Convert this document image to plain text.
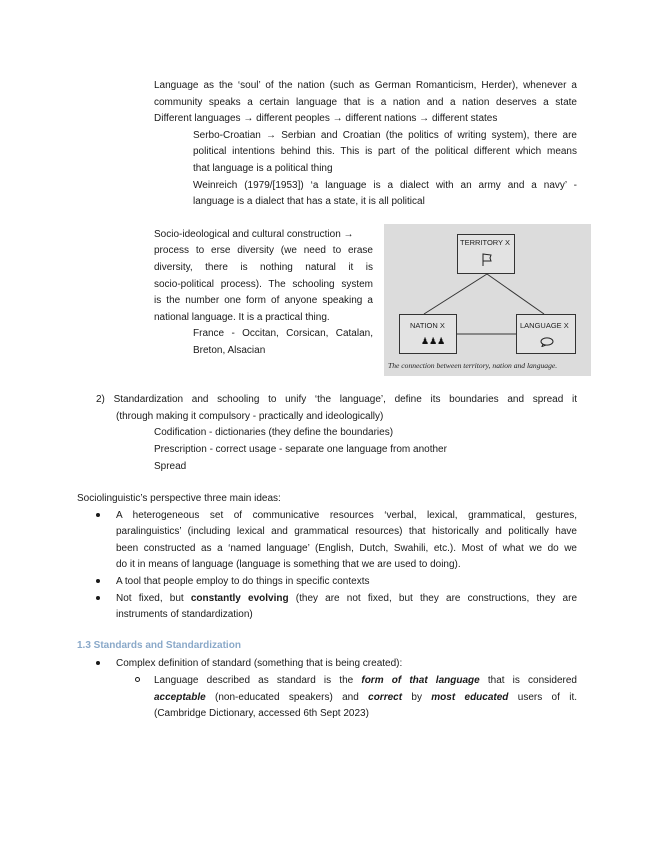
Language as the ‘soul’ of the nation (such as German Romanticism, Herder), whenever a

community speaks a certain language that is a nation and a nation deserves a state

Different languages → different peoples → different nations → different states

Serbo-Croatian → Serbian and Croatian (the politics of writing system), there are

political intentions behind this. This is part of the political different which means

that language is a political thing

Weinreich (1979/[1953]) ‘a language is a dialect with an army and a navy’ -

language is a dialect that has a state, it is all political

Socio-ideological and cultural construction →

process to erse diversity (we need to erase

diversity, there is nothing natural it is

socio-political process). The schooling system

is the number one form of anyone speaking a

national language. It is a practical thing.

France - Occitan, Corsican, Catalan,

Breton, Alsacian

TERRITORY X
NATION X
♟♟♟
LANGUAGE X
The connection between territory, nation and language.

2) Standardization and schooling to unify ‘the language’, define its boundaries and spread it

(through making it compulsory - practically and ideologically)

Codification - dictionaries (they define the boundaries)

Prescription - correct usage - separate one language from another

Spread

Sociolinguistic’s perspective three main ideas:

A heterogeneous set of communicative resources ‘verbal, lexical, grammatical, gestures,

paralinguistics’ (including lexical and grammatical resources) that historically and politically have

been constructed as a ‘named language’ (English, Dutch, Swahili, etc.). Most of what we do we

do it in means of language (language is something that we are used to doing).

A tool that people employ to do things in specific contexts

Not fixed, but constantly evolving (they are not fixed, but they are constructions, they are

instruments of standardization)

1.3 Standards and Standardization

Complex definition of standard (something that is being created):

Language described as standard is the form of that language that is considered

acceptable (non-educated speakers) and correct by most educated users of it.

(Cambridge Dictionary, accessed 6th Sept 2023)
